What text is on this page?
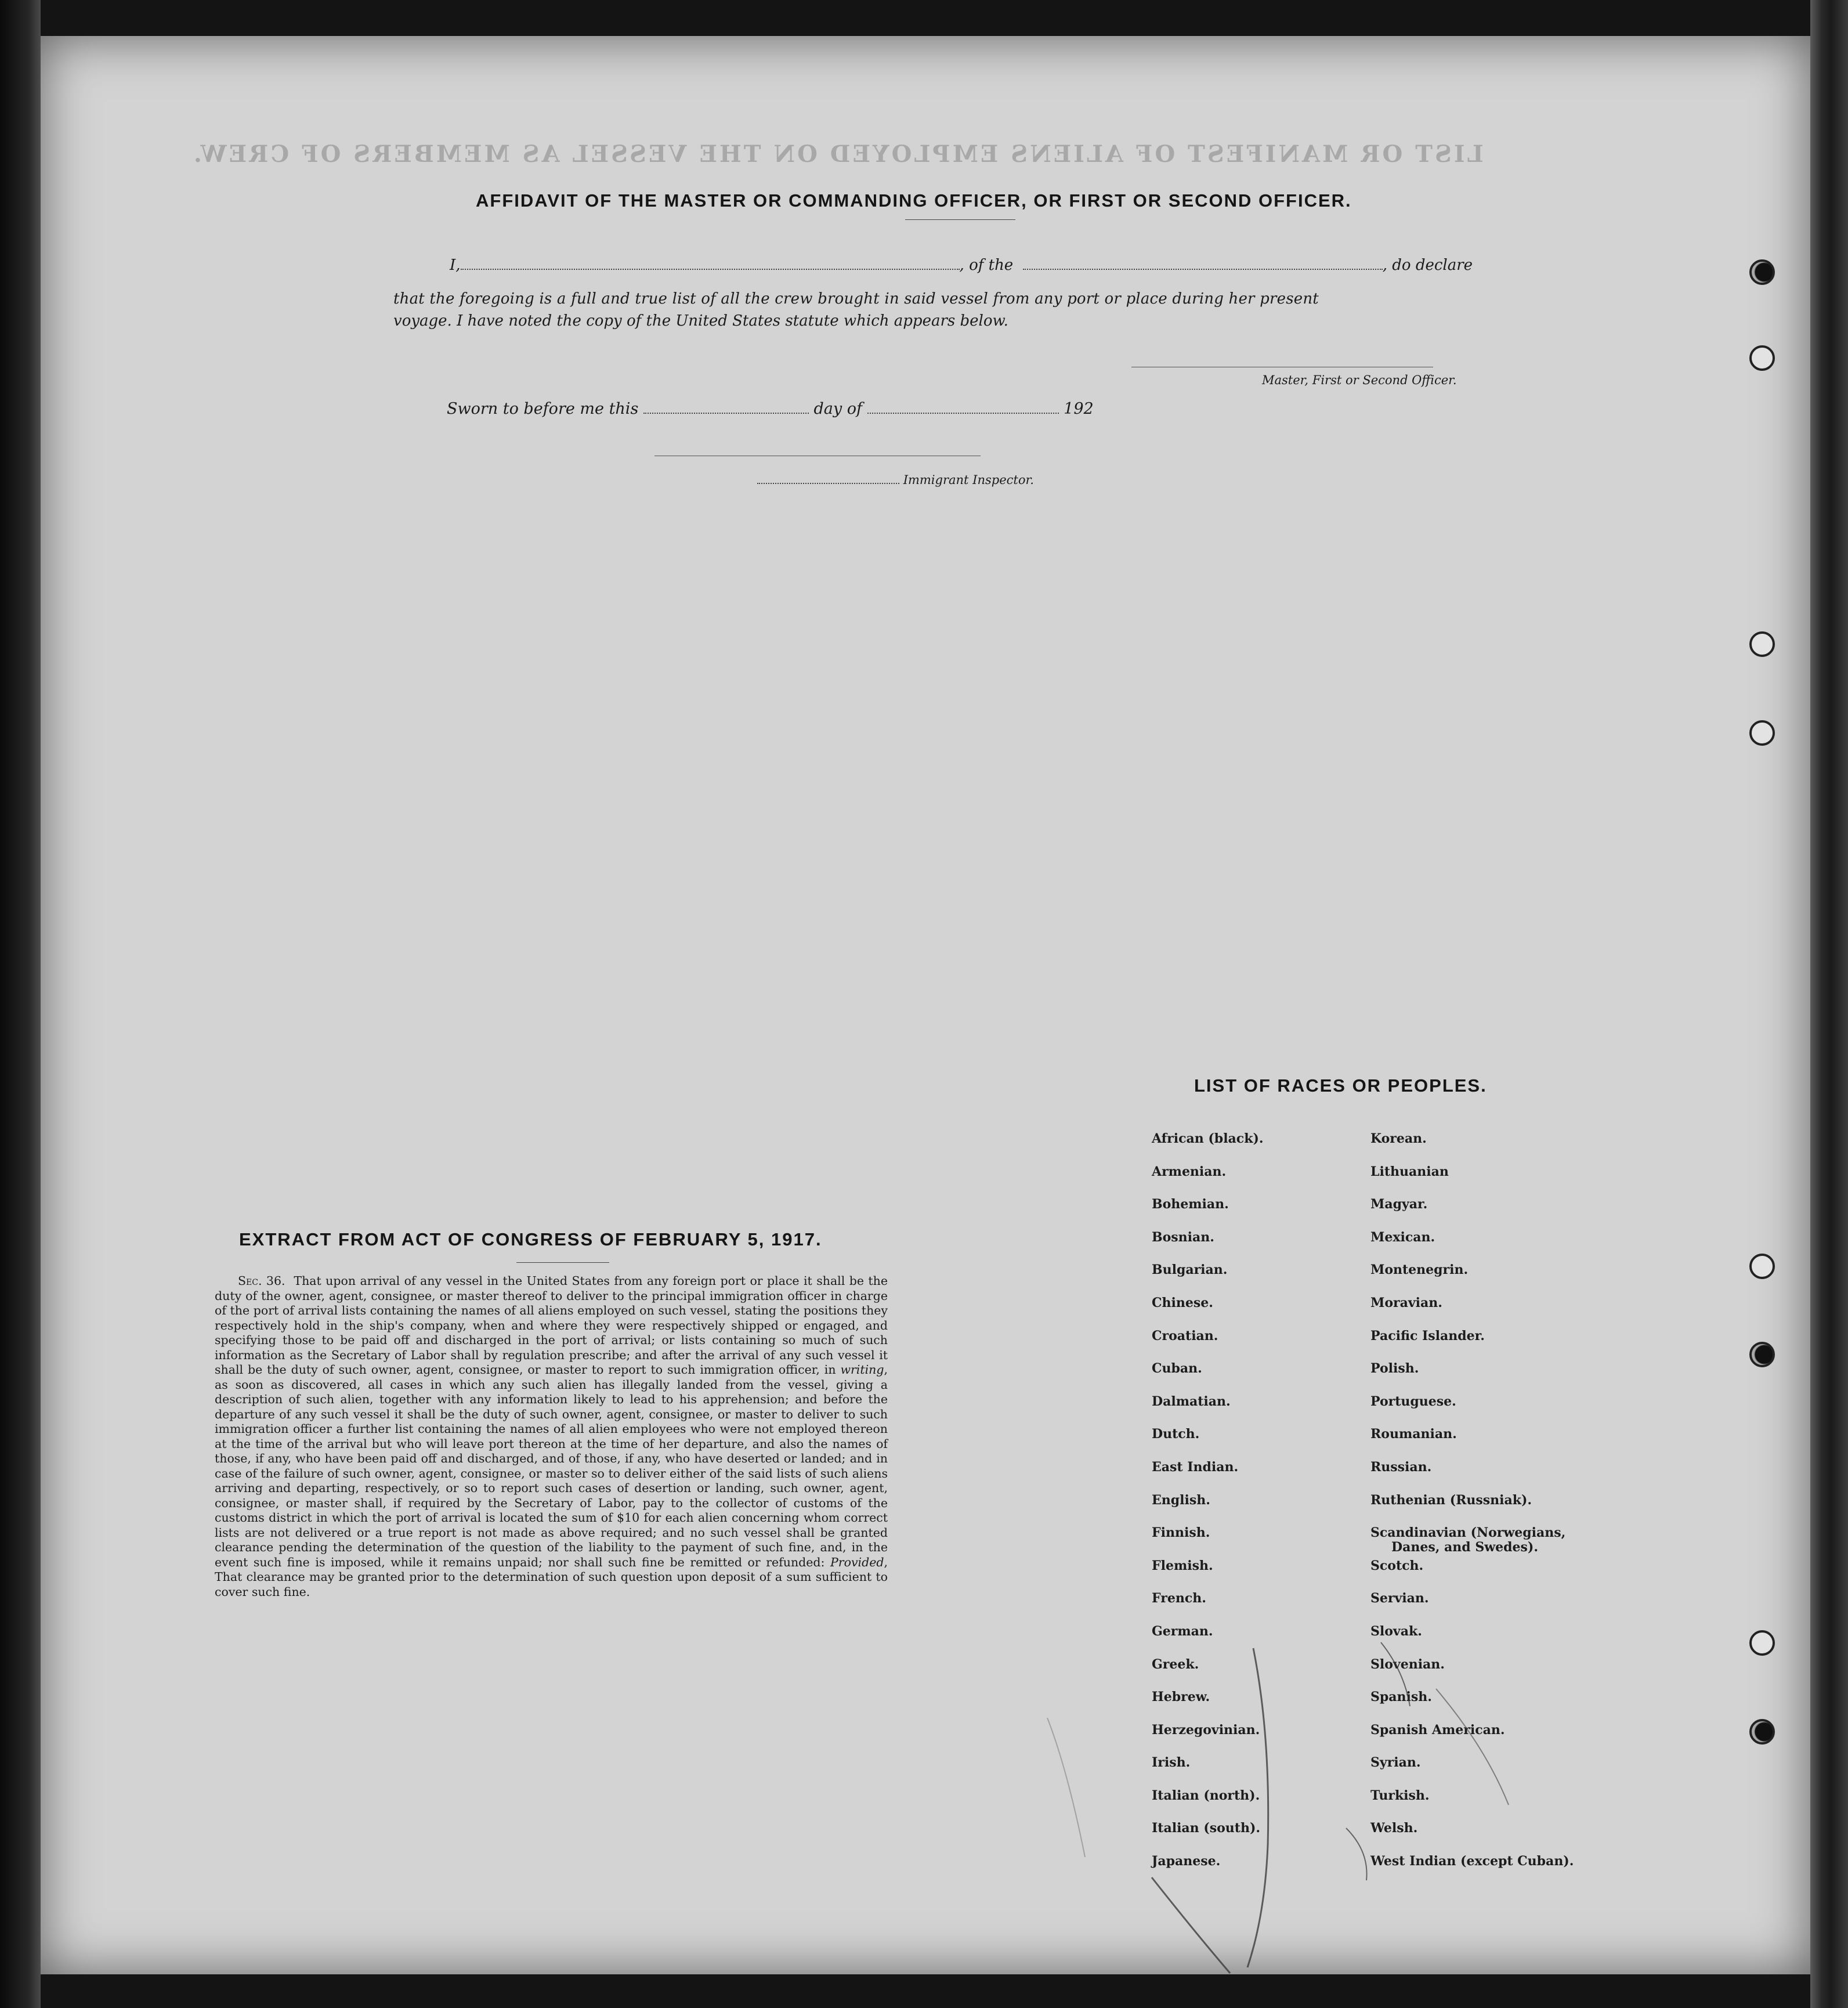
LIST OR MANIFEST OF ALIENS EMPLOYED ON THE VESSEL AS MEMBERS OF CREW.
AFFIDAVIT OF THE MASTER OR COMMANDING OFFICER, OR FIRST OR SECOND OFFICER.
I,	, of the	, do declare
that the foregoing is a full and true list of all the crew brought in said vessel from any port or place during her present
voyage. I have noted the copy of the United States statute which appears below.
Master, First or Second Officer.
Sworn to before me this	day of	192
Immigrant Inspector.
EXTRACT FROM ACT OF CONGRESS OF FEBRUARY 5, 1917.
Sec. 36. That upon arrival of any vessel in the United States from any foreign port or place it shall be the duty of the owner, agent, consignee, or master thereof to deliver to the principal immigration officer in charge of the port of arrival lists containing the names of all aliens employed on such vessel, stating the positions they respectively hold in the ship's company, when and where they were respectively shipped or engaged, and specifying those to be paid off and discharged in the port of arrival; or lists containing so much of such information as the Secretary of Labor shall by regulation prescribe; and after the arrival of any such vessel it shall be the duty of such owner, agent, consignee, or master to report to such immigration officer, in writing, as soon as discovered, all cases in which any such alien has illegally landed from the vessel, giving a description of such alien, together with any information likely to lead to his apprehension; and before the departure of any such vessel it shall be the duty of such owner, agent, consignee, or master to deliver to such immigration officer a further list containing the names of all alien employees who were not employed thereon at the time of the arrival but who will leave port thereon at the time of her departure, and also the names of those, if any, who have been paid off and discharged, and of those, if any, who have deserted or landed; and in case of the failure of such owner, agent, consignee, or master so to deliver either of the said lists of such aliens arriving and departing, respectively, or so to report such cases of desertion or landing, such owner, agent, consignee, or master shall, if required by the Secretary of Labor, pay to the collector of customs of the customs district in which the port of arrival is located the sum of $10 for each alien concerning whom correct lists are not delivered or a true report is not made as above required; and no such vessel shall be granted clearance pending the determination of the question of the liability to the payment of such fine, and, in the event such fine is imposed, while it remains unpaid; nor shall such fine be remitted or refunded: Provided, That clearance may be granted prior to the determination of such question upon deposit of a sum sufficient to cover such fine.
LIST OF RACES OR PEOPLES.
African (black).
Armenian.
Bohemian.
Bosnian.
Bulgarian.
Chinese.
Croatian.
Cuban.
Dalmatian.
Dutch.
East Indian.
English.
Finnish.
Flemish.
French.
German.
Greek.
Hebrew.
Herzegovinian.
Irish.
Italian (north).
Italian (south).
Japanese.
Korean.
Lithuanian
Magyar.
Mexican.
Montenegrin.
Moravian.
Pacific Islander.
Polish.
Portuguese.
Roumanian.
Russian.
Ruthenian (Russniak).
Scandinavian (Norwegians,
Danes, and Swedes).
Scotch.
Servian.
Slovak.
Slovenian.
Spanish.
Spanish American.
Syrian.
Turkish.
Welsh.
West Indian (except Cuban).
